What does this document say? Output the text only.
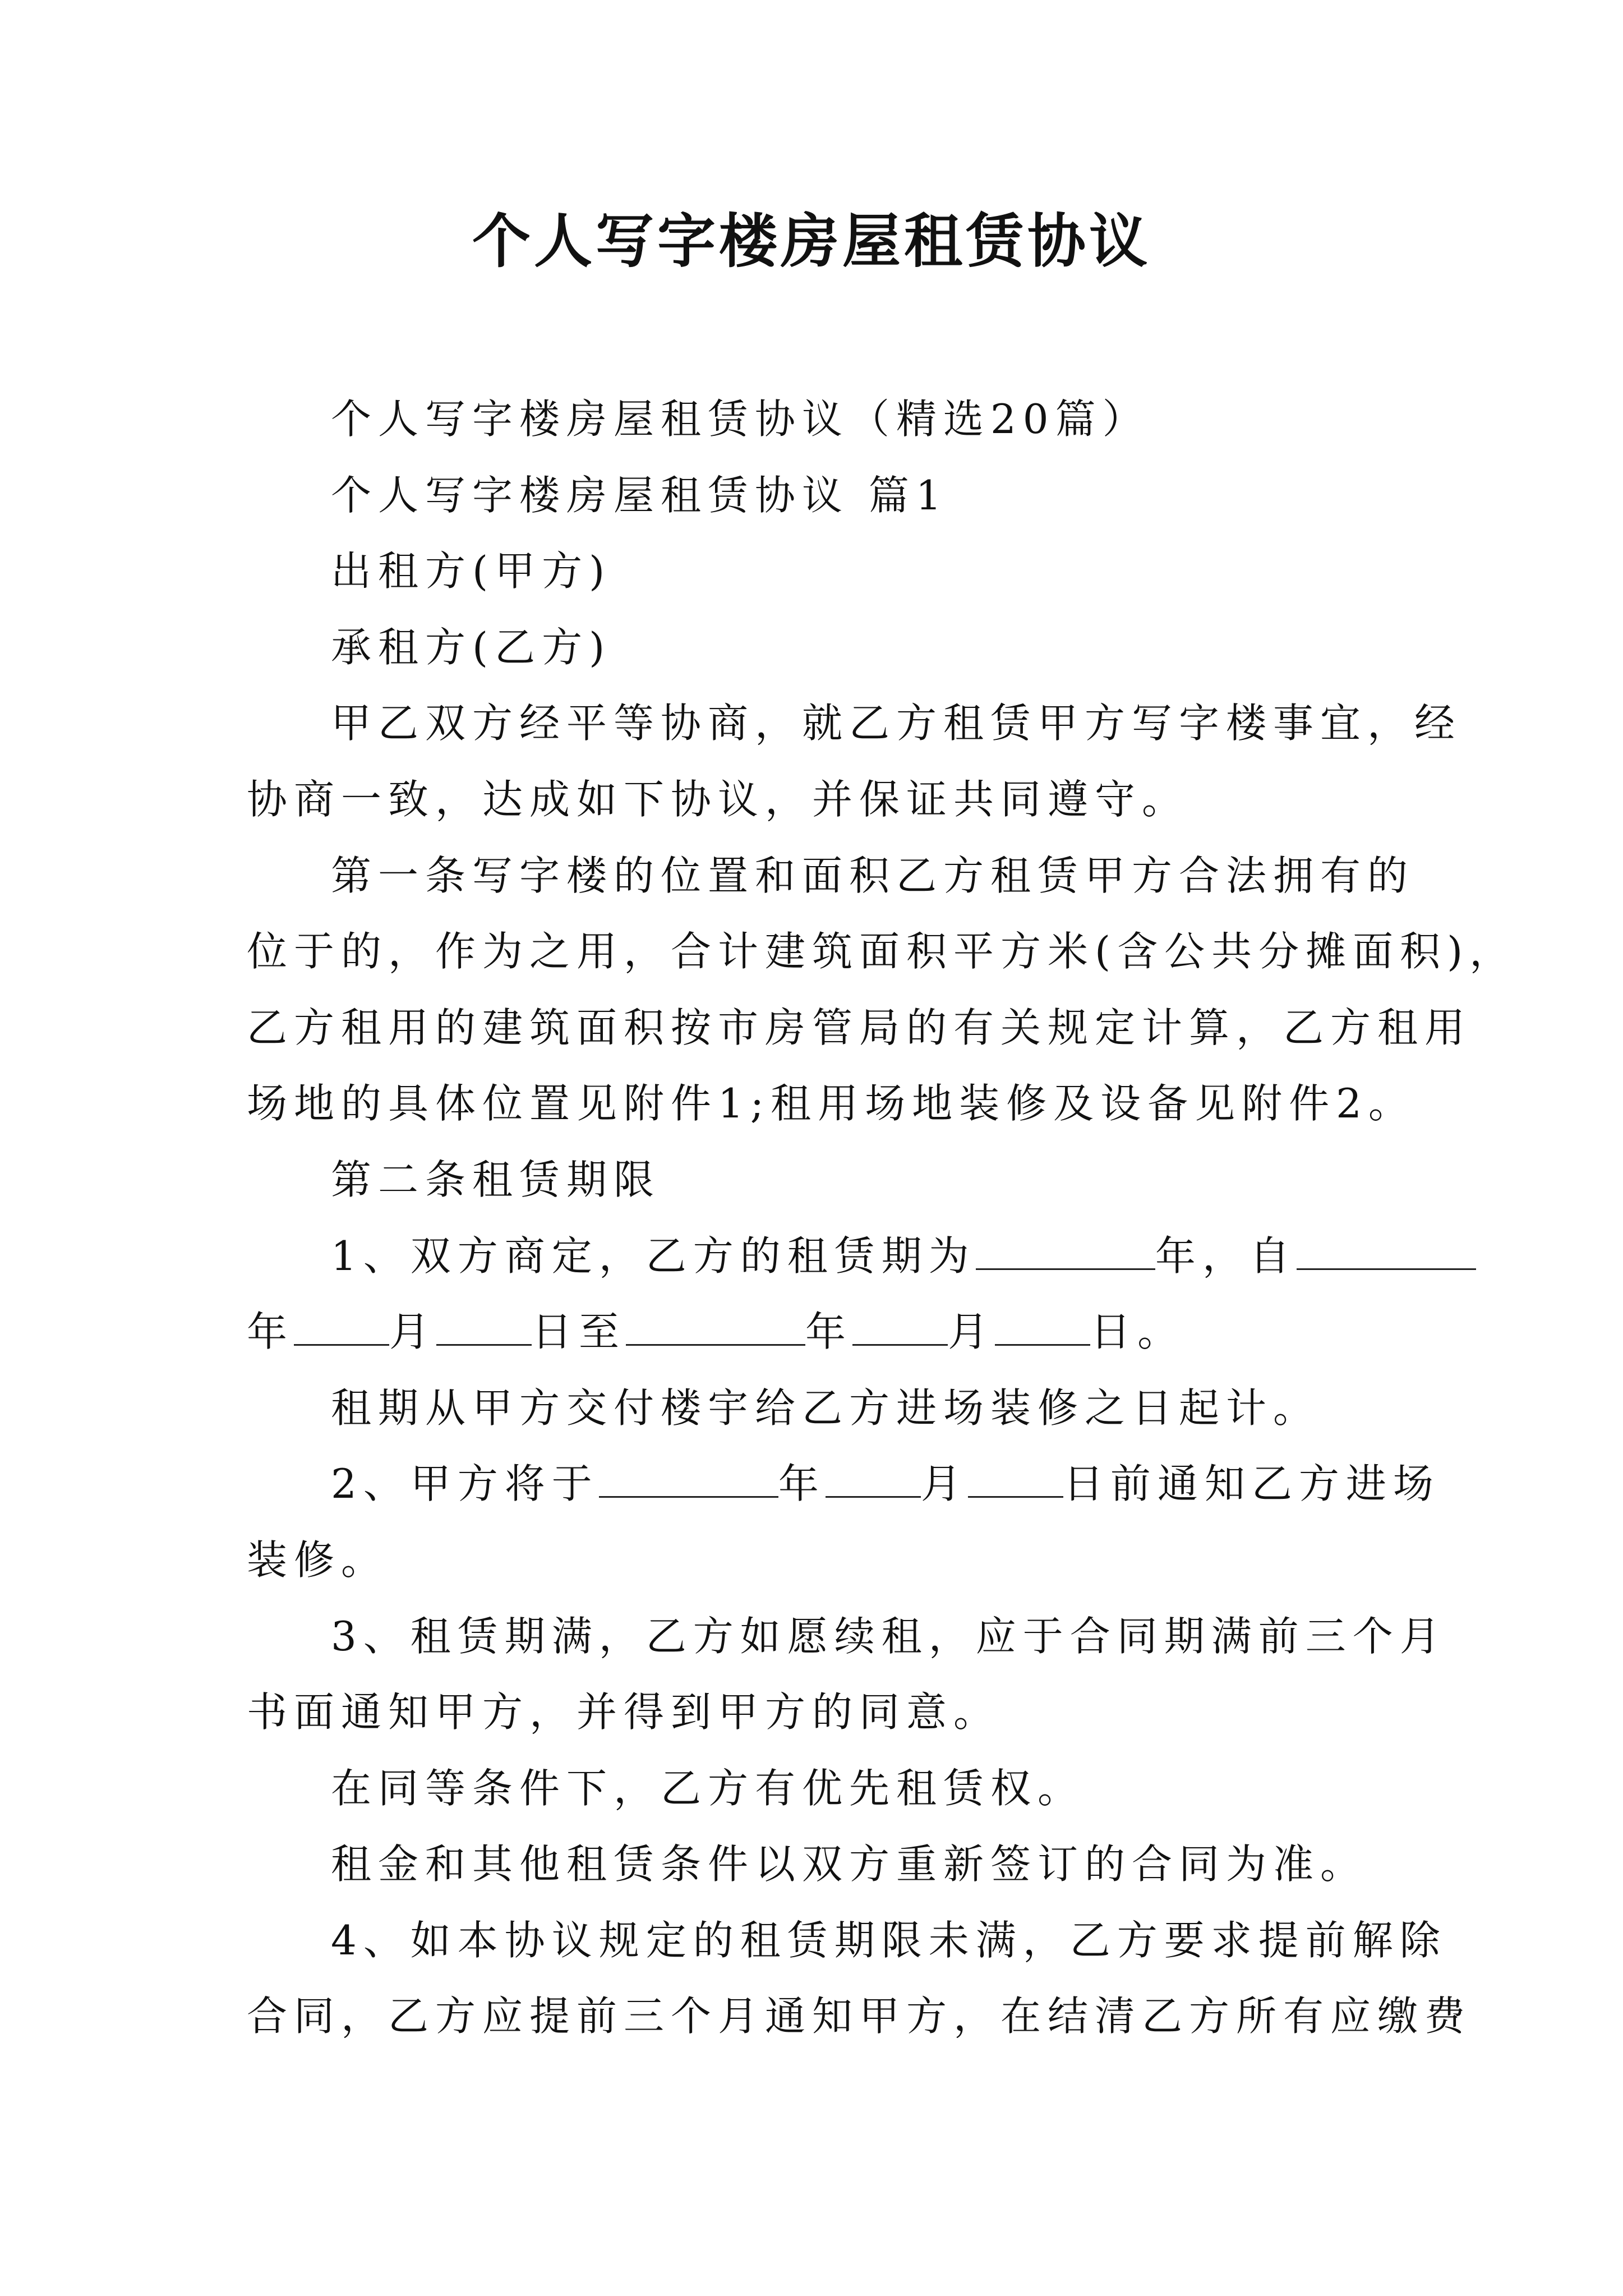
个人写字楼房屋租赁协议
个人写字楼房屋租赁协议（精选20篇）
个人写字楼房屋租赁协议 篇1
出租方(甲方)
承租方(乙方)
甲乙双方经平等协商，就乙方租赁甲方写字楼事宜，经
协商一致，达成如下协议，并保证共同遵守。
第一条写字楼的位置和面积乙方租赁甲方合法拥有的
位于的，作为之用，合计建筑面积平方米(含公共分摊面积)，
乙方租用的建筑面积按市房管局的有关规定计算，乙方租用
场地的具体位置见附件1;租用场地装修及设备见附件2。
第二条租赁期限
1、双方商定，乙方的租赁期为	年，自
年 月 日至	年 月 日。
租期从甲方交付楼宇给乙方进场装修之日起计。
2、甲方将于	年 月 日前通知乙方进场
装修。
3、租赁期满，乙方如愿续租，应于合同期满前三个月
书面通知甲方，并得到甲方的同意。
在同等条件下，乙方有优先租赁权。
租金和其他租赁条件以双方重新签订的合同为准。
4、如本协议规定的租赁期限未满，乙方要求提前解除
合同，乙方应提前三个月通知甲方，在结清乙方所有应缴费
